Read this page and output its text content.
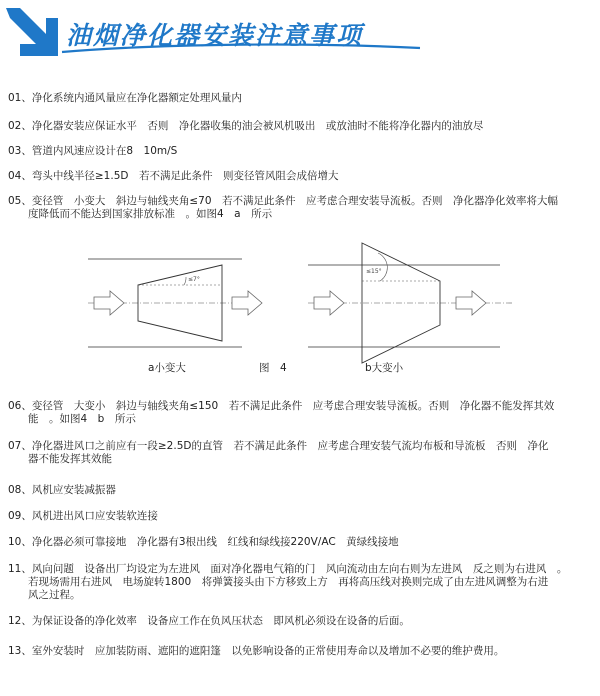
油烟净化器安装注意事项
01、净化系统内通风量应在净化器额定处理风量内
02、净化器安装应保证水平　否则　净化器收集的油会被风机吸出　或放油时不能将净化器内的油放尽
03、管道内风速应设计在8　10m/S
04、弯头中线半径≥1.5D　若不满足此条件　则变径管风阻会成倍增大
05、变径管　小变大　斜边与轴线夹角≤70　若不满足此条件　应考虑合理安装导流板。否则　净化器净化效率将大幅
度降低而不能达到国家排放标准　。如图4　a　所示
≤7°
≤15°
a小变大	图　4	b大变小
06、变径管　大变小　斜边与轴线夹角≤150　若不满足此条件　应考虑合理安装导流板。否则　净化器不能发挥其效
能　。如图4　b　所示
07、净化器进风口之前应有一段≥2.5D的直管　若不满足此条件　应考虑合理安装气流均布板和导流板　否则　净化
器不能发挥其效能
08、风机应安装减振器
09、风机进出风口应安装软连接
10、净化器必须可靠接地　净化器有3根出线　红线和绿线接220V/AC　黄绿线接地
11、风向问题　设备出厂均设定为左进风　面对净化器电气箱的门　风向流动由左向右则为左进风　反之则为右进风　。
若现场需用右进风　电场旋转1800　将弹簧接头由下方移致上方　再将高压线对换则完成了由左进风调整为右进
风之过程。
12、为保证设备的净化效率　设备应工作在负风压状态　即风机必须设在设备的后面。
13、室外安装时　应加装防雨、遮阳的遮阳篷　以免影响设备的正常使用寿命以及增加不必要的维护费用。
